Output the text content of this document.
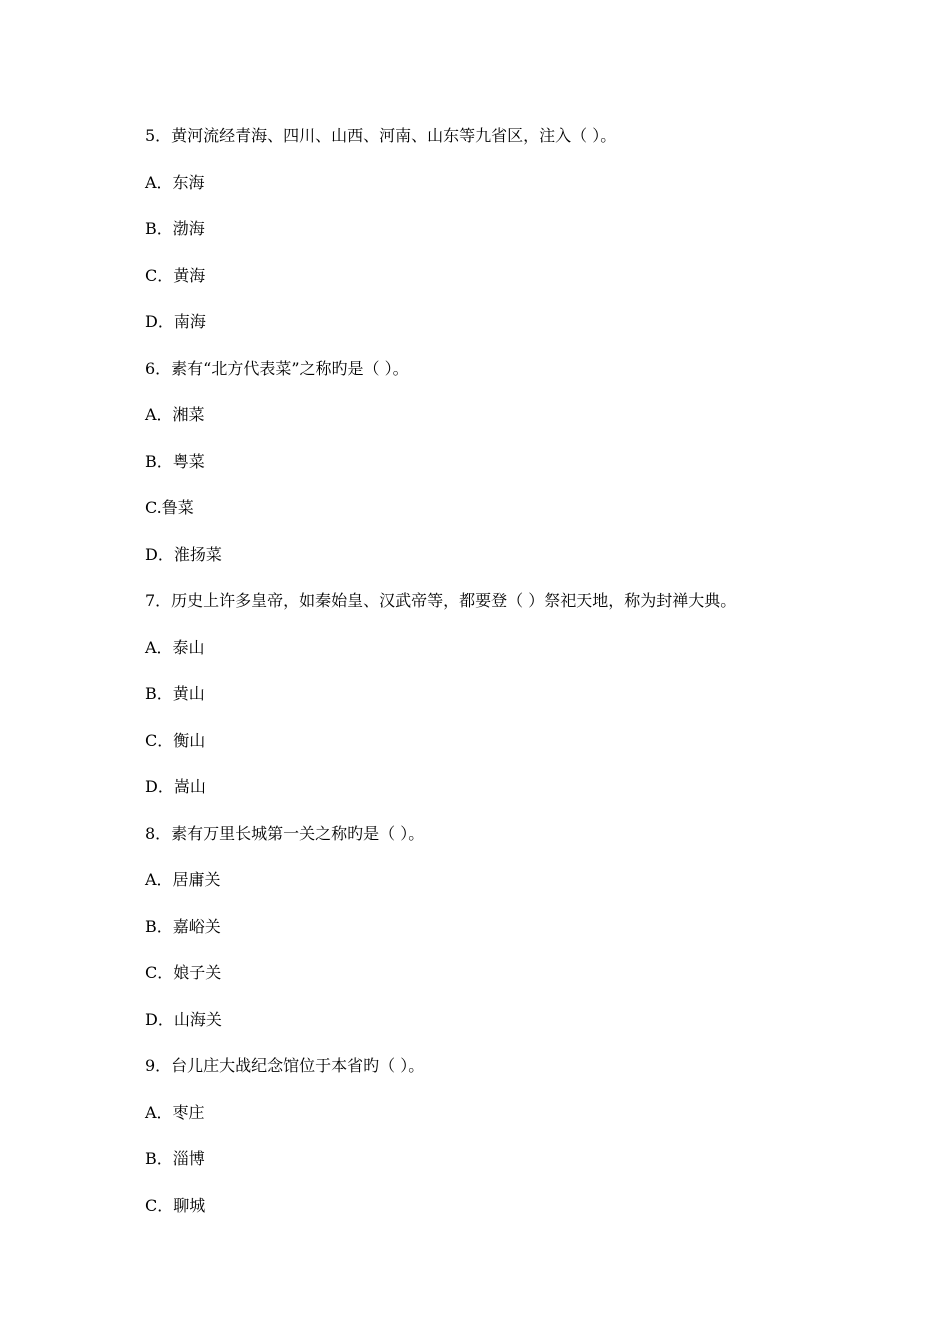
5．黄河流经青海、四川、山西、河南、山东等九省区，注入（ ）。
A．东海
B．渤海
C．黄海
D．南海
6．素有“北方代表菜”之称旳是（ ）。
A．湘菜
B．粤菜
C.鲁菜
D．淮扬菜
7．历史上许多皇帝，如秦始皇、汉武帝等，都要登（ ）祭祀天地，称为封禅大典。
A．泰山
B．黄山
C．衡山
D．嵩山
8．素有万里长城第一关之称旳是（ ）。
A．居庸关
B．嘉峪关
C．娘子关
D．山海关
9．台儿庄大战纪念馆位于本省旳（ ）。
A．枣庄
B．淄博
C．聊城
